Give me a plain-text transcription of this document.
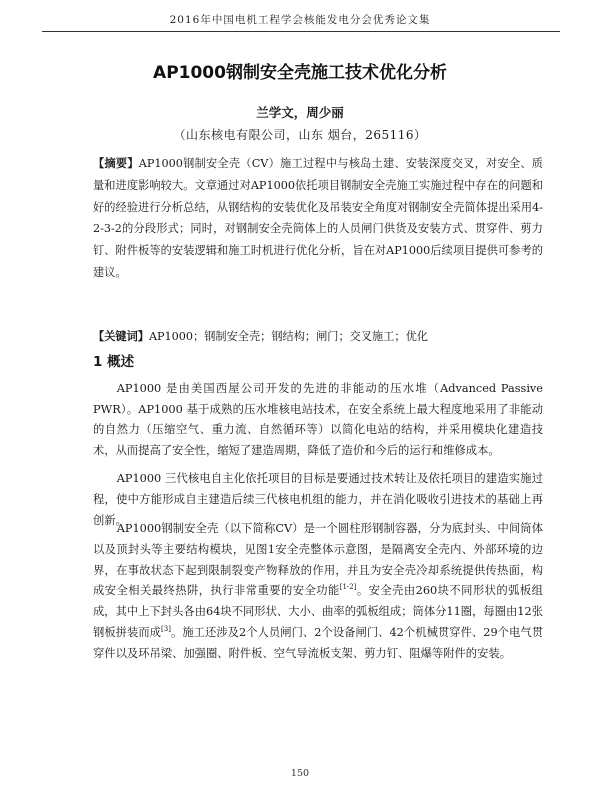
2016年中国电机工程学会核能发电分会优秀论文集
AP1000钢制安全壳施工技术优化分析
兰学文，周少丽
（山东核电有限公司，山东 烟台，265116）
【摘要】AP1000钢制安全壳（CV）施工过程中与核岛土建、安装深度交叉，对安全、质量和进度影响较大。文章通过对AP1000依托项目钢制安全壳施工实施过程中存在的问题和好的经验进行分析总结，从钢结构的安装优化及吊装安全角度对钢制安全壳简体提出采用4-2-3-2的分段形式；同时，对钢制安全壳筒体上的人员闸门供货及安装方式、贯穿件、剪力钉、附件板等的安装逻辑和施工时机进行优化分析，旨在对AP1000后续项目提供可参考的建议。
【关键词】AP1000；钢制安全壳；钢结构；闸门；交叉施工；优化
1 概述
AP1000 是由美国西屋公司开发的先进的非能动的压水堆（Advanced Passive PWR）。AP1000 基于成熟的压水堆核电站技术，在安全系统上最大程度地采用了非能动的自然力（压缩空气、重力流、自然循环等）以简化电站的结构，并采用模块化建造技术，从而提高了安全性，缩短了建造周期，降低了造价和今后的运行和维修成本。
AP1000 三代核电自主化依托项目的目标是要通过技术转让及依托项目的建造实施过程，使中方能形成自主建造后续三代核电机组的能力，并在消化吸收引进技术的基础上再创新。
AP1000钢制安全壳（以下简称CV）是一个圆柱形钢制容器，分为底封头、中间筒体以及顶封头等主要结构模块，见图1安全壳整体示意图，是隔离安全壳内、外部环境的边界，在事故状态下起到限制裂变产物释放的作用，并且为安全壳冷却系统提供传热面，构成安全相关最终热阱，执行非常重要的安全功能[1-2]。安全壳由260块不同形状的弧板组成，其中上下封头各由64块不同形状、大小、曲率的弧板组成；筒体分11圈，每圈由12张钢板拼装而成[3]。施工还涉及2个人员闸门、2个设备闸门、42个机械贯穿件、29个电气贯穿件以及环吊梁、加强圈、附件板、空气导流板支架、剪力钉、阻爆等附件的安装。
150
